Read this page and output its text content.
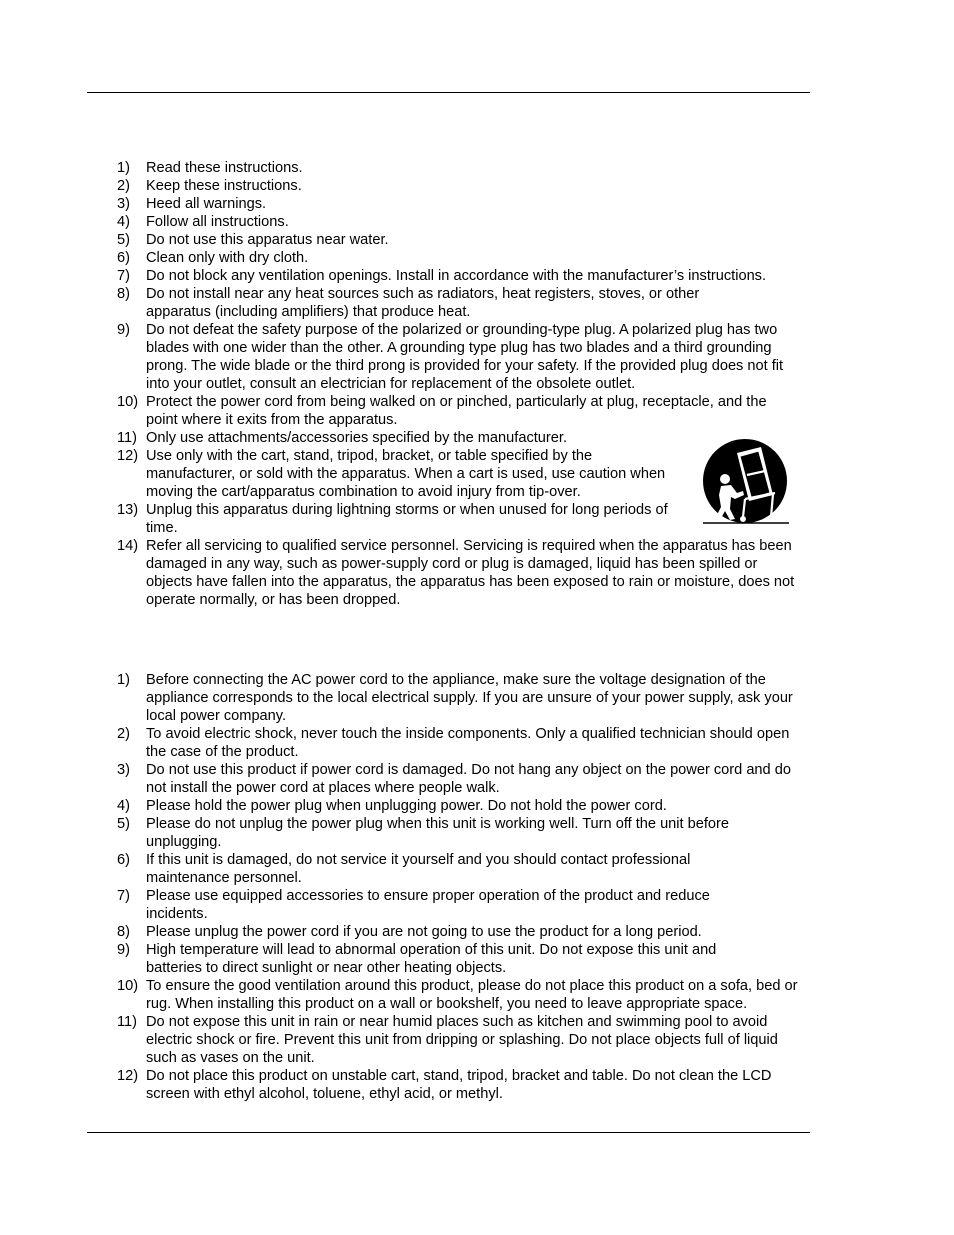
1) Read these instructions.
2) Keep these instructions.
3) Heed all warnings.
4) Follow all instructions.
5) Do not use this apparatus near water.
6) Clean only with dry cloth.
7) Do not block any ventilation openings. Install in accordance with the manufacturer’s instructions.
8) Do not install near any heat sources such as radiators, heat registers, stoves, or other apparatus (including amplifiers) that produce heat.
9) Do not defeat the safety purpose of the polarized or grounding-type plug. A polarized plug has two blades with one wider than the other. A grounding type plug has two blades and a third grounding prong. The wide blade or the third prong is provided for your safety. If the provided plug does not fit into your outlet, consult an electrician for replacement of the obsolete outlet.
10) Protect the power cord from being walked on or pinched, particularly at plug, receptacle, and the point where it exits from the apparatus.
11) Only use attachments/accessories specified by the manufacturer.
12) Use only with the cart, stand, tripod, bracket, or table specified by the manufacturer, or sold with the apparatus. When a cart is used, use caution when moving the cart/apparatus combination to avoid injury from tip-over.
13) Unplug this apparatus during lightning storms or when unused for long periods of time.
14) Refer all servicing to qualified service personnel. Servicing is required when the apparatus has been damaged in any way, such as power-supply cord or plug is damaged, liquid has been spilled or objects have fallen into the apparatus, the apparatus has been exposed to rain or moisture, does not operate normally, or has been dropped.
1) Before connecting the AC power cord to the appliance, make sure the voltage designation of the appliance corresponds to the local electrical supply. If you are unsure of your power supply, ask your local power company.
2) To avoid electric shock, never touch the inside components. Only a qualified technician should open the case of the product.
3) Do not use this product if power cord is damaged. Do not hang any object on the power cord and do not install the power cord at places where people walk.
4) Please hold the power plug when unplugging power. Do not hold the power cord.
5) Please do not unplug the power plug when this unit is working well. Turn off the unit before unplugging.
6) If this unit is damaged, do not service it yourself and you should contact professional maintenance personnel.
7) Please use equipped accessories to ensure proper operation of the product and reduce incidents.
8) Please unplug the power cord if you are not going to use the product for a long period.
9) High temperature will lead to abnormal operation of this unit. Do not expose this unit and batteries to direct sunlight or near other heating objects.
10) To ensure the good ventilation around this product, please do not place this product on a sofa, bed or rug. When installing this product on a wall or bookshelf, you need to leave appropriate space.
11) Do not expose this unit in rain or near humid places such as kitchen and swimming pool to avoid electric shock or fire. Prevent this unit from dripping or splashing. Do not place objects full of liquid such as vases on the unit.
12) Do not place this product on unstable cart, stand, tripod, bracket and table. Do not clean the LCD screen with ethyl alcohol, toluene, ethyl acid, or methyl.
